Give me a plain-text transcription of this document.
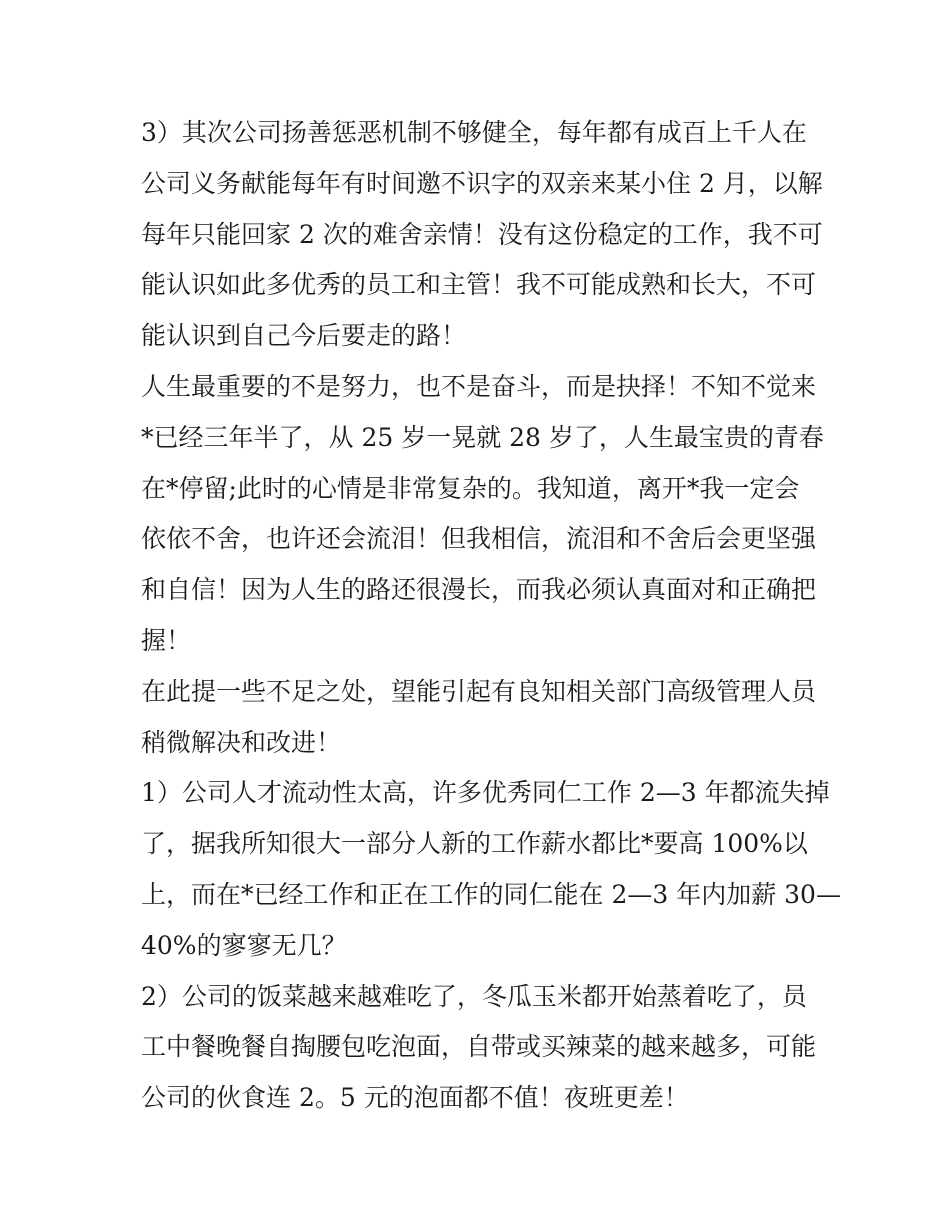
3）其次公司扬善惩恶机制不够健全，每年都有成百上千人在
公司义务献能每年有时间邀不识字的双亲来某小住 2 月，以解
每年只能回家 2 次的难舍亲情！没有这份稳定的工作，我不可
能认识如此多优秀的员工和主管！我不可能成熟和长大，不可
能认识到自己今后要走的路！
人生最重要的不是努力，也不是奋斗，而是抉择！不知不觉来
*已经三年半了，从 25 岁一晃就 28 岁了，人生最宝贵的青春
在*停留;此时的心情是非常复杂的。我知道，离开*我一定会
依依不舍，也许还会流泪！但我相信，流泪和不舍后会更坚强
和自信！因为人生的路还很漫长，而我必须认真面对和正确把
握！
在此提一些不足之处，望能引起有良知相关部门高级管理人员
稍微解决和改进！
1）公司人才流动性太高，许多优秀同仁工作 2—3 年都流失掉
了，据我所知很大一部分人新的工作薪水都比*要高 100%以
上，而在*已经工作和正在工作的同仁能在 2—3 年内加薪 30—
40%的寥寥无几？
2）公司的饭菜越来越难吃了，冬瓜玉米都开始蒸着吃了，员
工中餐晚餐自掏腰包吃泡面，自带或买辣菜的越来越多，可能
公司的伙食连 2。5 元的泡面都不值！夜班更差！
